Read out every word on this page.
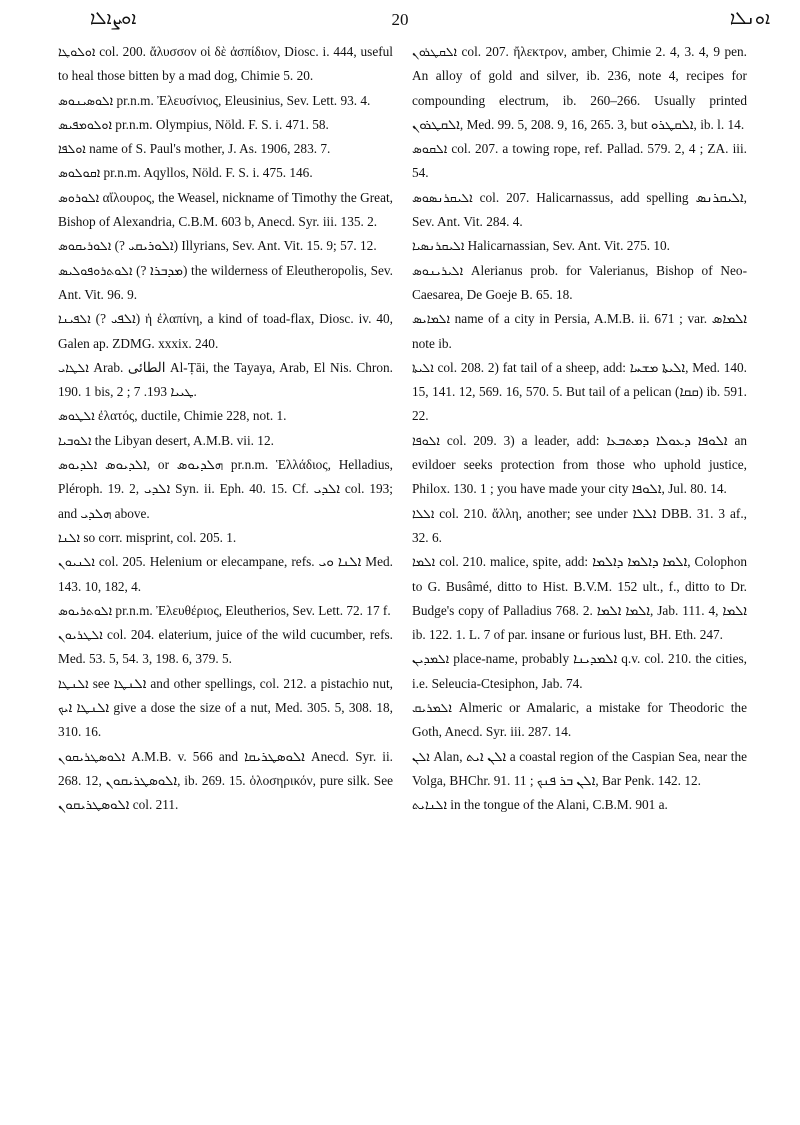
ܐܘܨܐܠܐ	20	ܐܘܢܠܐ

ܐܘܠܘܛܐ col. 200. ἄλυσσον οἱ δὲ ἀσπίδιον, Diosc. i. 444, useful to heal those bitten by a mad dog, Chimie 5. 20.

ܐܠܘܣܝܢܘܣ pr.n.m. Ἐλευσίνιος, Eleusinius, Sev. Lett. 93. 4.

ܐܘܠܘܡܦܝܣ pr.n.m. Olympius, Nöld. F. S. i. 471. 58.

ܐܘܠܦܐ name of S. Paul's mother, J. As. 1906, 283. 7.

ܐܩܘܠܘܣ pr.n.m. Aqyllos, Nöld. F. S. i. 475. 146.

ܐܠܘܪܘܣ αἴλουρος, the Weasel, nickname of Timothy the Great, Bishop of Alexandria, C.B.M. 603 b, Anecd. Syr. iii. 135. 2.

ܐܠܘܪܝܩܘܣ (? ܐܠܘܪܝܩܝ) Illyrians, Sev. Ant. Vit. 15. 9; 57. 12.

ܐܠܘܬܪܘܦܘܠܝܣ (? ܡܕܒܪܐ) the wilderness of Eleutheropolis, Sev. Ant. Vit. 96. 9.

ܐܠܦܝܢܐ (? ܐܠܦܝ) ἡ ἐλαπίνη, a kind of toad-flax, Diosc. iv. 40, Galen ap. ZDMG. xxxix. 240.

ܐܠܛܐܝ Arab. ﺍﻟﻄﺎﺋﻰ Al-Ṭāi, the Tayaya, Arab, El Nis. Chron. 190. 1 bis, 2 ; ܛܝܝܐ 193. 7.

ܐܠܛܘܣ ἐλατός, ductile, Chimie 228, not. 1.

ܐܠܘܒܝܐ the Libyan desert, A.M.B. vii. 12.

ܐܠܕܝܘܣ ܐܠܕܝܘܣ, or ܗܠܕܝܘܣ pr.n.m. Ἑλλάδιος, Helladius, Pléroph. 19. 2, ܐܠܕܝ Syn. ii. Eph. 40. 15. Cf. ܐܠܕܝ col. 193; and ܗܠܕܝ above.

ܐܠܢܐ so corr. misprint, col. 205. 1.

ܐܠܢܝܘܢ col. 205. Helenium or elecampane, refs. ܐܠܢܐ ܘܝ Med. 143. 10, 182, 4.

ܐܠܘܬܪܝܘܣ pr.n.m. Ἐλευθέριος, Eleutherios, Sev. Lett. 72. 17 f.

ܐܠܛܪܝܘܢ col. 204. elaterium, juice of the wild cucumber, refs. Med. 53. 5, 54. 3, 198. 6, 379. 5.

ܐܠܢܛܐ see ܐܠܢܛܐ and other spellings, col. 212. a pistachio nut, ܐܠܢܛܐ ܐܝܟ give a dose the size of a nut, Med. 305. 5, 308. 18, 310. 16.

ܐܠܘܣܛܪܝܩܘܢ A.M.B. v. 566 and ܐܠܘܣܛܪܝܩܐ Anecd. Syr. ii. 268. 12, ܐܠܘܣܛܪܝܩܘܢ, ib. 269. 15. ὁλοσηρικόν, pure silk. See ܐܠܘܣܛܪܝܩܘܢ col. 211.

ܐܠܩܛܪܘܢ col. 207. ἤλεκτρον, amber, Chimie 2. 4, 3. 4, 9 pen. An alloy of gold and silver, ib. 236, note 4, recipes for compounding electrum, ib. 260–266. Usually printed ܐܠܩܛܪܘܢ, Med. 99. 5, 208. 9, 16, 265. 3, but ܐܠܩܛܪܘ, ib. l. 14.

ܐܠܩܘܣ col. 207. a towing rope, ref. Pallad. 579. 2, 4 ; ZA. iii. 54.

ܐܠܝܩܪܢܣܘܣ col. 207. Halicarnassus, add spelling ܐܠܝܩܪܢܣ, Sev. Ant. Vit. 284. 4.

ܐܠܝܩܪܢܣܝܐ Halicarnassian, Sev. Ant. Vit. 275. 10.

ܐܠܝܪܝܢܘܣ Alerianus prob. for Valerianus, Bishop of Neo-Caesarea, De Goeje B. 65. 18.

ܐܠܡܐܝܣ name of a city in Persia, A.M.B. ii. 671 ; var. ܐܠܡܐܣ note ib.

ܐܠܝܬܐ col. 208. 2) fat tail of a sheep, add: ܐܠܝܬܐ ܡܫܚܐ, Med. 140. 15, 141. 12, 569. 16, 570. 5. But tail of a pelican (ܩܩܐ) ib. 591. 22.

ܐܠܘܦܐ col. 209. 3) a leader, add: ܐܠܘܦܐ ܕܥܘܠܐ ܕܡܬܒܥܐ an evildoer seeks protection from those who uphold justice, Philox. 130. 1 ; you have made your city ܐܠܘܦܐ, Jul. 80. 14.

ܐܠܠܐ col. 210. ἄλλη, another; see under ܐܠܠܐ DBB. 31. 3 af., 32. 6.

ܐܠܡܐ col. 210. malice, spite, add: ܐܠܡܐ ܕܐܠܡܐ ܕܐܠܡܐ, Colophon to G. Busâmé, ditto to Hist. B.V.M. 152 ult., f., ditto to Dr. Budge's copy of Palladius 768. 2. ܐܠܡܐ ܐܠܡܐ, Jab. 111. 4, ܐܠܡܐ ib. 122. 1. L. 7 of par. insane or furious lust, BH. Eth. 247.

ܐܠܡܕܝܢ place-name, probably ܐܠܡܕܝܢܐ q.v. col. 210. the cities, i.e. Seleucia-Ctesiphon, Jab. 74.

ܐܠܡܪܝܩ Almeric or Amalaric, a mistake for Theodoric the Goth, Anecd. Syr. iii. 287. 14.

ܐܠܢ Alan, ܐܠܢ ܐܝܬ a coastal region of the Caspian Sea, near the Volga, BHChr. 91. 11 ; ܐܠܢ ܒܪ ܦܢܟ, Bar Penk. 142. 12.

ܐܠܢܐܝܬ in the tongue of the Alani, C.B.M. 901 a.
